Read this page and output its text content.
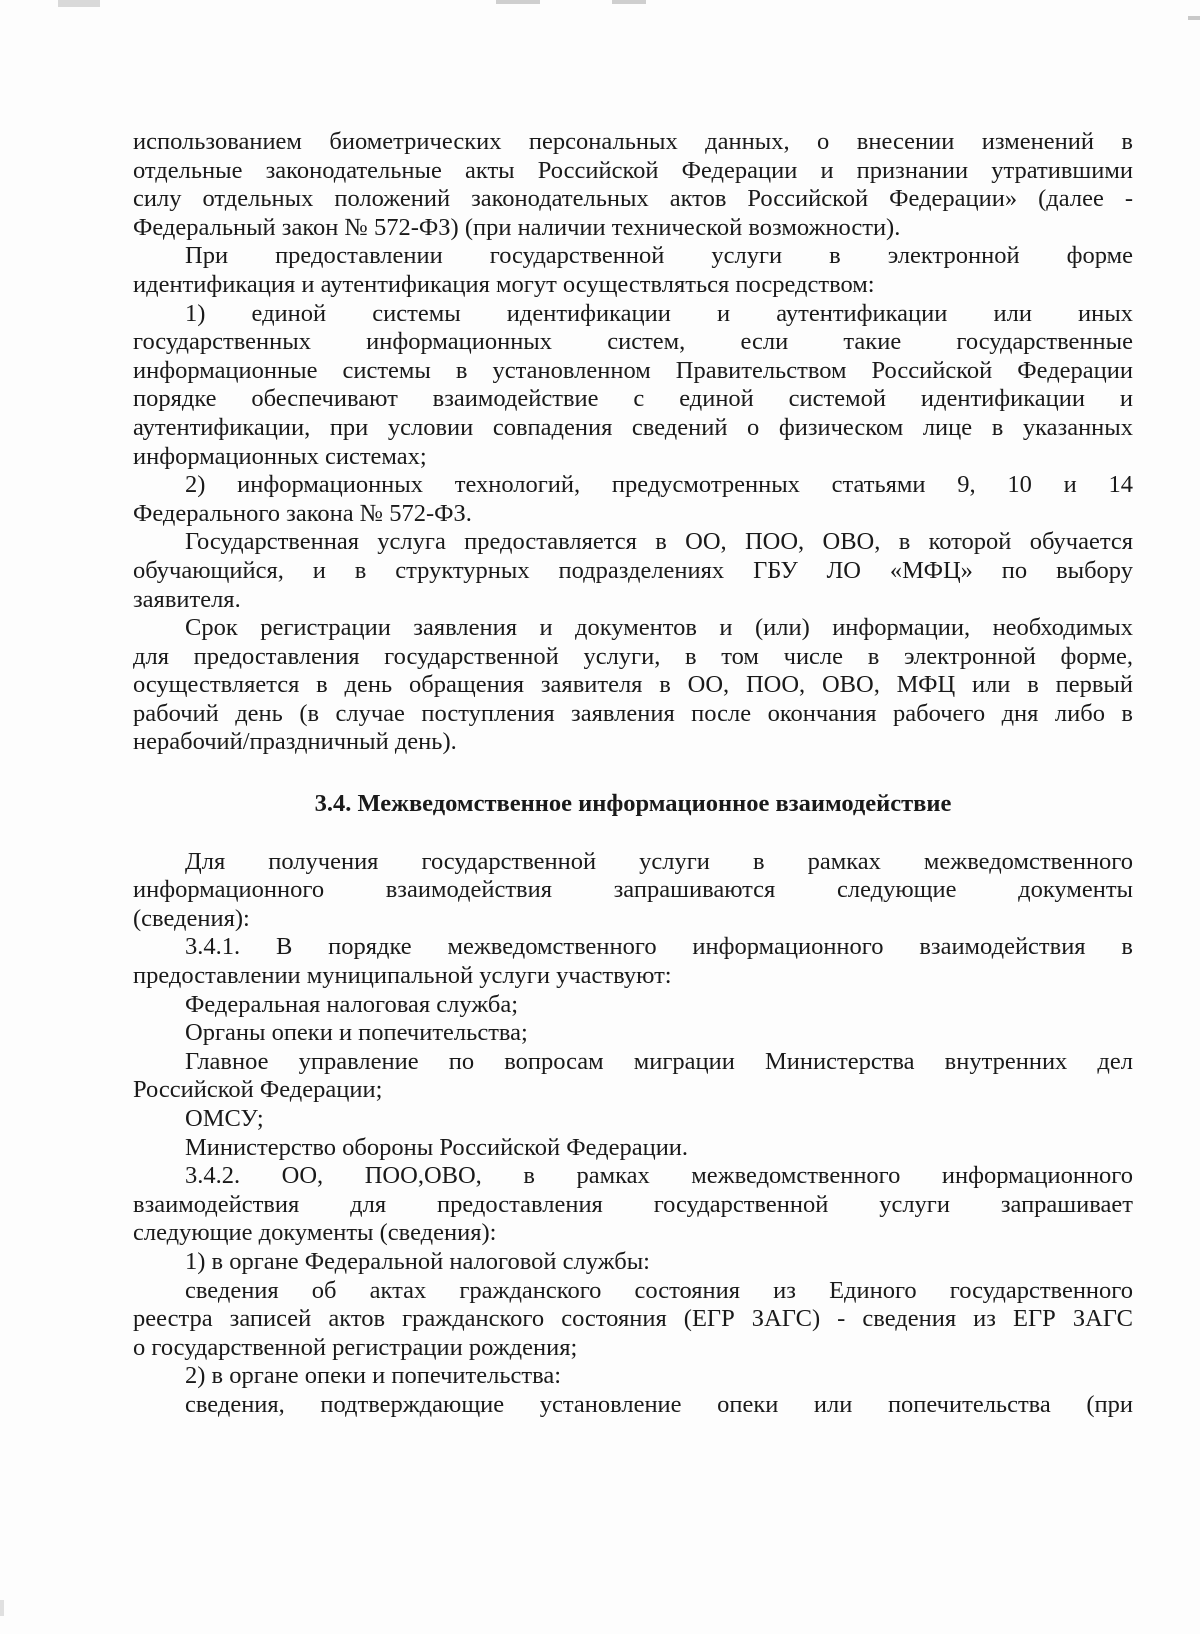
использованием биометрических персональных данных, о внесении изменений в
отдельные законодательные акты Российской Федерации и признании утратившими
силу отдельных положений законодательных актов Российской Федерации» (далее -
Федеральный закон № 572-ФЗ) (при наличии технической возможности).
При предоставлении государственной услуги в электронной форме
идентификация и аутентификация могут осуществляться посредством:
1) единой системы идентификации и аутентификации или иных
государственных информационных систем, если такие государственные
информационные системы в установленном Правительством Российской Федерации
порядке обеспечивают взаимодействие с единой системой идентификации и
аутентификации, при условии совпадения сведений о физическом лице в указанных
информационных системах;
2) информационных технологий, предусмотренных статьями 9, 10 и 14
Федерального закона № 572-ФЗ.
Государственная услуга предоставляется в ОО, ПОО, ОВО, в которой обучается
обучающийся, и в структурных подразделениях ГБУ ЛО «МФЦ» по выбору
заявителя.
Срок регистрации заявления и документов и (или) информации, необходимых
для предоставления государственной услуги, в том числе в электронной форме,
осуществляется в день обращения заявителя в ОО, ПОО, ОВО, МФЦ или в первый
рабочий день (в случае поступления заявления после окончания рабочего дня либо в
нерабочий/праздничный день).
3.4. Межведомственное информационное взаимодействие
Для получения государственной услуги в рамках межведомственного
информационного взаимодействия запрашиваются следующие документы
(сведения):
3.4.1. В порядке межведомственного информационного взаимодействия в
предоставлении муниципальной услуги участвуют:
Федеральная налоговая служба;
Органы опеки и попечительства;
Главное управление по вопросам миграции Министерства внутренних дел
Российской Федерации;
ОМСУ;
Министерство обороны Российской Федерации.
3.4.2. ОО, ПОО,ОВО, в рамках межведомственного информационного
взаимодействия для предоставления государственной услуги запрашивает
следующие документы (сведения):
1) в органе Федеральной налоговой службы:
сведения об актах гражданского состояния из Единого государственного
реестра записей актов гражданского состояния (ЕГР ЗАГС) - сведения из ЕГР ЗАГС
о государственной регистрации рождения;
2) в органе опеки и попечительства:
сведения, подтверждающие установление опеки или попечительства (при
